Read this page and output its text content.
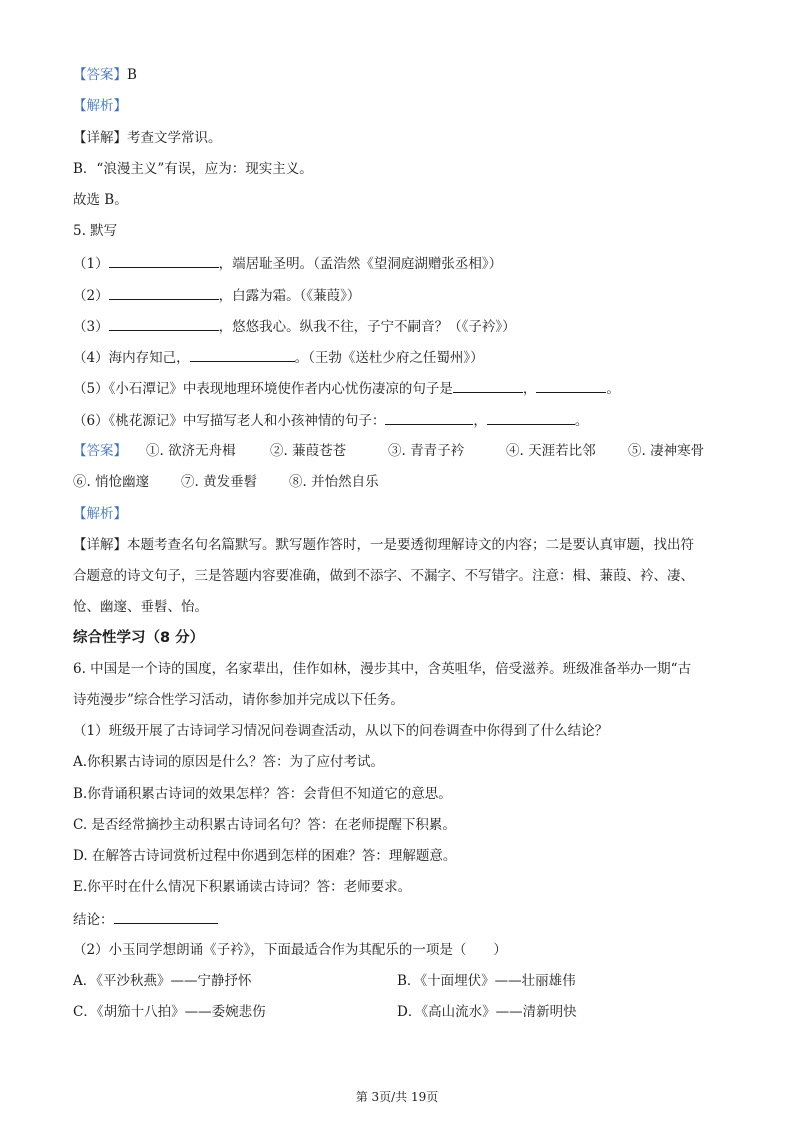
【答案】B
【解析】
【详解】考查文学常识。
B．“浪漫主义”有误，应为：现实主义。
故选 B。
5. 默写
（1）	，端居耻圣明。（孟浩然《望洞庭湖赠张丞相》）
（2）	，白露为霜。（《蒹葭》）
（3）	，悠悠我心。纵我不往，子宁不嗣音？（《子衿》）
（4）海内存知己，	。（王勃《送杜少府之任蜀州》）
（5）《小石潭记》中表现地理环境使作者内心忧伤凄凉的句子是	，	。
（6）《桃花源记》中写描写老人和小孩神情的句子：	，	。
【答案】 ①. 欲济无舟楫	②. 蒹葭苍苍	③. 青青子衿	④. 天涯若比邻 ⑤. 凄神寒骨
⑥. 悄怆幽邃 ⑦. 黄发垂髫 ⑧. 并怡然自乐
【解析】
【详解】本题考查名句名篇默写。默写题作答时，一是要透彻理解诗文的内容；二是要认真审题，找出符
合题意的诗文句子，三是答题内容要准确，做到不添字、不漏字、不写错字。注意：楫、蒹葭、衿、凄、
怆、幽邃、垂髫、怡。
综合性学习（8 分）
6. 中国是一个诗的国度，名家辈出，佳作如林，漫步其中，含英咀华，倍受滋养。班级准备举办一期“古
诗苑漫步”综合性学习活动，请你参加并完成以下任务。
（1）班级开展了古诗词学习情况问卷调查活动，从以下的问卷调查中你得到了什么结论？
A.你积累古诗词的原因是什么？答：为了应付考试。
B.你背诵积累古诗词的效果怎样？答：会背但不知道它的意思。
C. 是否经常摘抄主动积累古诗词名句？答：在老师提醒下积累。
D. 在解答古诗词赏析过程中你遇到怎样的困难？答：理解题意。
E.你平时在什么情况下积累诵读古诗词？答：老师要求。
结论：
（2）小玉同学想朗诵《子衿》，下面最适合作为其配乐的一项是（　　）
A．《平沙秋燕》——宁静抒怀	B．《十面埋伏》——壮丽雄伟
C．《胡笳十八拍》——委婉悲伤	D．《高山流水》——清新明快
第 3页/共 19页
